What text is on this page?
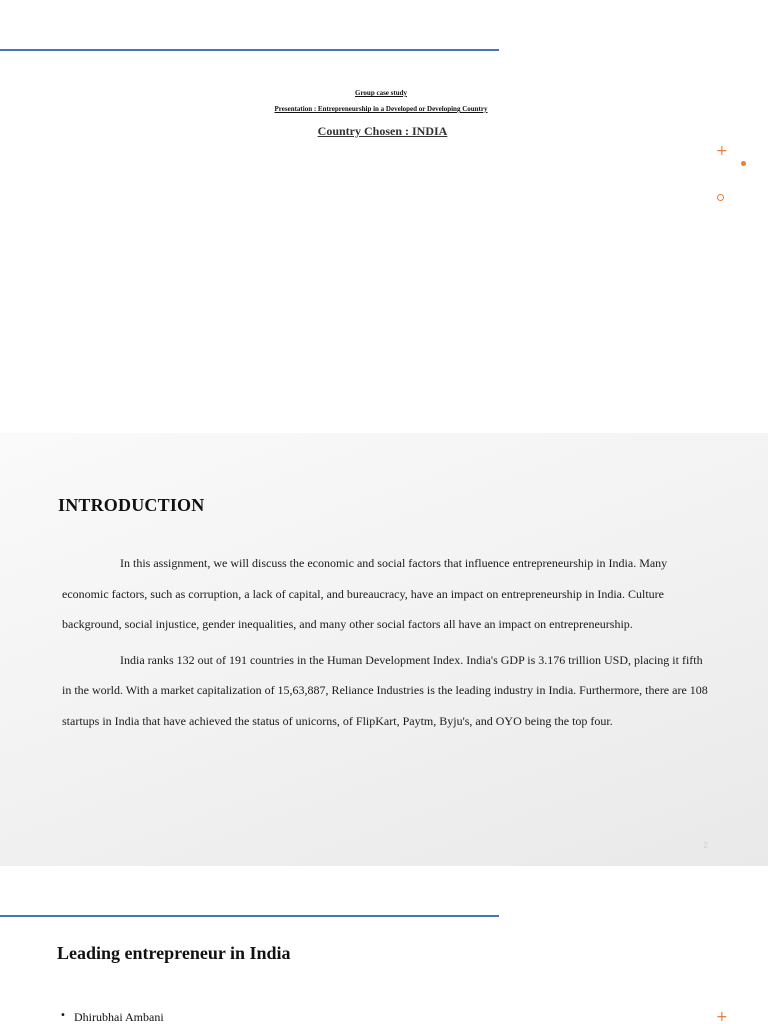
Group case study
Presentation : Entrepreneurship in a Developed or Developing Country
Country Chosen : INDIA
+
INTRODUCTION

In this assignment, we will discuss the economic and social factors that influence entrepreneurship in India. Many economic factors, such as corruption, a lack of capital, and bureaucracy, have an impact on entrepreneurship in India. Culture background, social injustice, gender inequalities, and many other social factors all have an impact on entrepreneurship.

India ranks 132 out of 191 countries in the Human Development Index. India's GDP is 3.176 trillion USD, placing it fifth in the world. With a market capitalization of 15,63,887, Reliance Industries is the leading industry in India. Furthermore, there are 108 startups in India that have achieved the status of unicorns, of FlipKart, Paytm, Byju's, and OYO being the top four.

2
Leading entrepreneur in India
• Dhirubhai Ambani	+
